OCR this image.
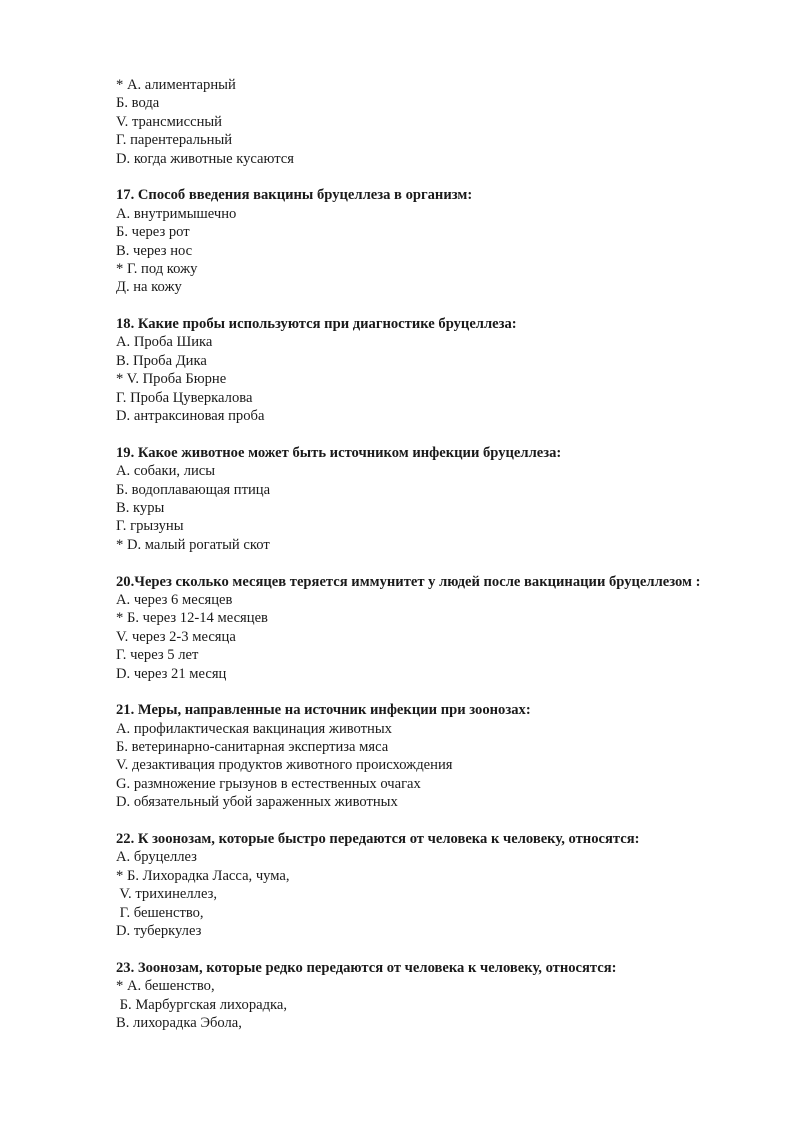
* А. алиментарный
Б. вода
V. трансмиссный
Г. парентеральный
D. когда животные кусаются
17. Способ введения вакцины бруцеллеза в организм:
А. внутримышечно
Б. через рот
В. через нос
* Г. под кожу
Д. на кожу
18. Какие пробы используются при диагностике бруцеллеза:
А. Проба Шика
В. Проба Дика
* V. Проба Бюрне
Г. Проба Цуверкалова
D. антраксиновая проба
19. Какое животное может быть источником инфекции бруцеллеза:
А. собаки, лисы
Б. водоплавающая птица
В. куры
Г. грызуны
* D. малый рогатый скот
20.Через сколько месяцев теряется иммунитет у людей после вакцинации бруцеллезом :
А. через 6 месяцев
* Б. через 12-14 месяцев
V. через 2-3 месяца
Г. через 5 лет
D. через 21 месяц
21. Меры, направленные на источник инфекции при зоонозах:
А. профилактическая вакцинация животных
Б. ветеринарно-санитарная экспертиза мяса
V. дезактивация продуктов животного происхождения
G. размножение грызунов в естественных очагах
D. обязательный убой зараженных животных
22. К зоонозам, которые быстро передаются от человека к человеку, относятся:
А. бруцеллез
* Б. Лихорадка Ласса, чума,
V. трихинеллез,
Г. бешенство,
D. туберкулез
23. Зоонозам, которые редко передаются от человека к человеку, относятся:
* А. бешенство,
Б. Марбургская лихорадка,
В. лихорадка Эбола,
